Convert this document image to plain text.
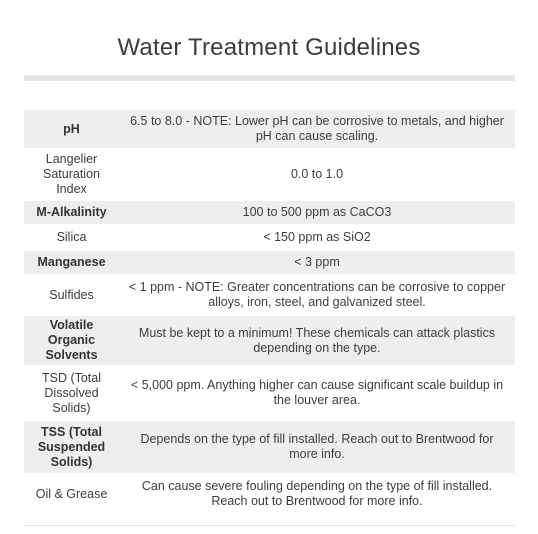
Water Treatment Guidelines
pH	6.5 to 8.0 - NOTE: Lower pH can be corrosive to metals, and higher pH can cause scaling.
Langelier Saturation Index	0.0 to 1.0
M-Alkalinity	100 to 500 ppm as CaCO3
Silica	< 150 ppm as SiO2
Manganese	< 3 ppm
Sulfides	< 1 ppm - NOTE: Greater concentrations can be corrosive to copper alloys, iron, steel, and galvanized steel.
Volatile Organic Solvents	Must be kept to a minimum! These chemicals can attack plastics depending on the type.
TSD (Total Dissolved Solids)	< 5,000 ppm. Anything higher can cause significant scale buildup in the louver area.
TSS (Total Suspended Solids)	Depends on the type of fill installed. Reach out to Brentwood for more info.
Oil & Grease	Can cause severe fouling depending on the type of fill installed. Reach out to Brentwood for more info.
